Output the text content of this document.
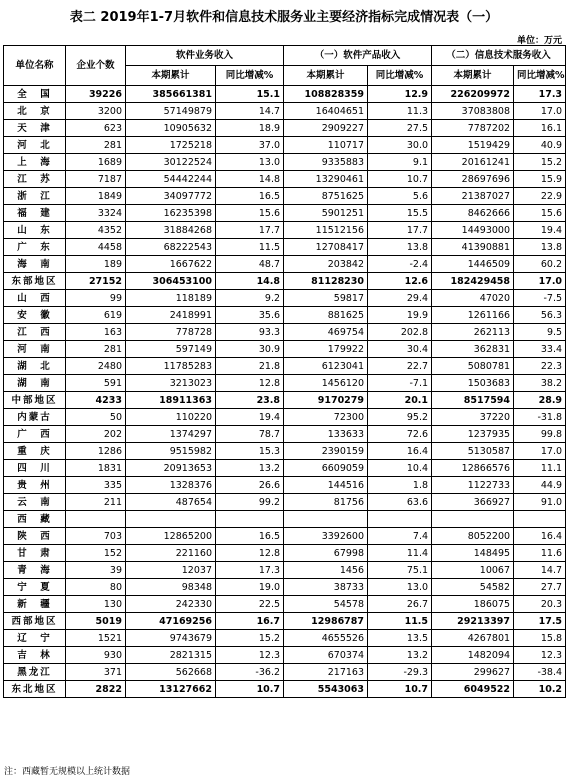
表二 2019年1-7月软件和信息技术服务业主要经济指标完成情况表（一）
单位：万元
单位名称	企业个数	软件业务收入		（一）软件产品收入		（二）信息技术服务收入	
		本期累计	同比增减%	本期累计	同比增减%	本期累计	同比增减%
全　国	39226	385661381	15.1	108828359	12.9	226209972	17.3
北　京	3200	57149879	14.7	16404651	11.3	37083808	17.0
天　津	623	10905632	18.9	2909227	27.5	7787202	16.1
河　北	281	1725218	37.0	110717	30.0	1519429	40.9
上　海	1689	30122524	13.0	9335883	9.1	20161241	15.2
江　苏	7187	54442244	14.8	13290461	10.7	28697696	15.9
浙　江	1849	34097772	16.5	8751625	5.6	21387027	22.9
福　建	3324	16235398	15.6	5901251	15.5	8462666	15.6
山　东	4352	31884268	17.7	11512156	17.7	14493000	19.4
广　东	4458	68222543	11.5	12708417	13.8	41390881	13.8
海　南	189	1667622	48.7	203842	-2.4	1446509	60.2
东部地区	27152	306453100	14.8	81128230	12.6	182429458	17.0
山　西	99	118189	9.2	59817	29.4	47020	-7.5
安　徽	619	2418991	35.6	881625	19.9	1261166	56.3
江　西	163	778728	93.3	469754	202.8	262113	9.5
河　南	281	597149	30.9	179922	30.4	362831	33.4
湖　北	2480	11785283	21.8	6123041	22.7	5080781	22.3
湖　南	591	3213023	12.8	1456120	-7.1	1503683	38.2
中部地区	4233	18911363	23.8	9170279	20.1	8517594	28.9
内蒙古	50	110220	19.4	72300	95.2	37220	-31.8
广　西	202	1374297	78.7	133633	72.6	1237935	99.8
重　庆	1286	9515982	15.3	2390159	16.4	5130587	17.0
四　川	1831	20913653	13.2	6609059	10.4	12866576	11.1
贵　州	335	1328376	26.6	144516	1.8	1122733	44.9
云　南	211	487654	99.2	81756	63.6	366927	91.0
西　藏							
陕　西	703	12865200	16.5	3392600	7.4	8052200	16.4
甘　肃	152	221160	12.8	67998	11.4	148495	11.6
青　海	39	12037	17.3	1456	75.1	10067	14.7
宁　夏	80	98348	19.0	38733	13.0	54582	27.7
新　疆	130	242330	22.5	54578	26.7	186075	20.3
西部地区	5019	47169256	16.7	12986787	11.5	29213397	17.5
辽　宁	1521	9743679	15.2	4655526	13.5	4267801	15.8
吉　林	930	2821315	12.3	670374	13.2	1482094	12.3
黑龙江	371	562668	-36.2	217163	-29.3	299627	-38.4
东北地区	2822	13127662	10.7	5543063	10.7	6049522	10.2
注：西藏暂无规模以上统计数据
